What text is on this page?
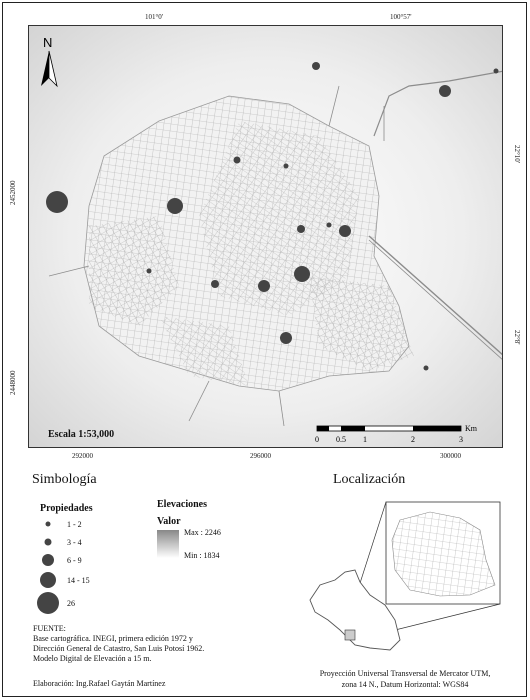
101°0'	100°57'
292000	296000	300000
2452000
2448000
22°10'
22°8'
N
0 0.5 1	2	3
Km
Escala 1:53,000
Simbología	Localización
Propiedades
1 - 2
3 - 4
6 - 9
14 - 15
26
Elevaciones
Valor
Max : 2246
Min : 1834
Proyección Universal Transversal de Mercator UTM,
zona 14 N., Datum Horizontal: WGS84
FUENTE:
Base cartográfica. INEGI, primera edición 1972 y
Dirección General de Catastro, San Luis Potosí 1962.
Modelo Digital de Elevación a 15 m.
Elaboración: Ing.Rafael Gaytán Martínez
